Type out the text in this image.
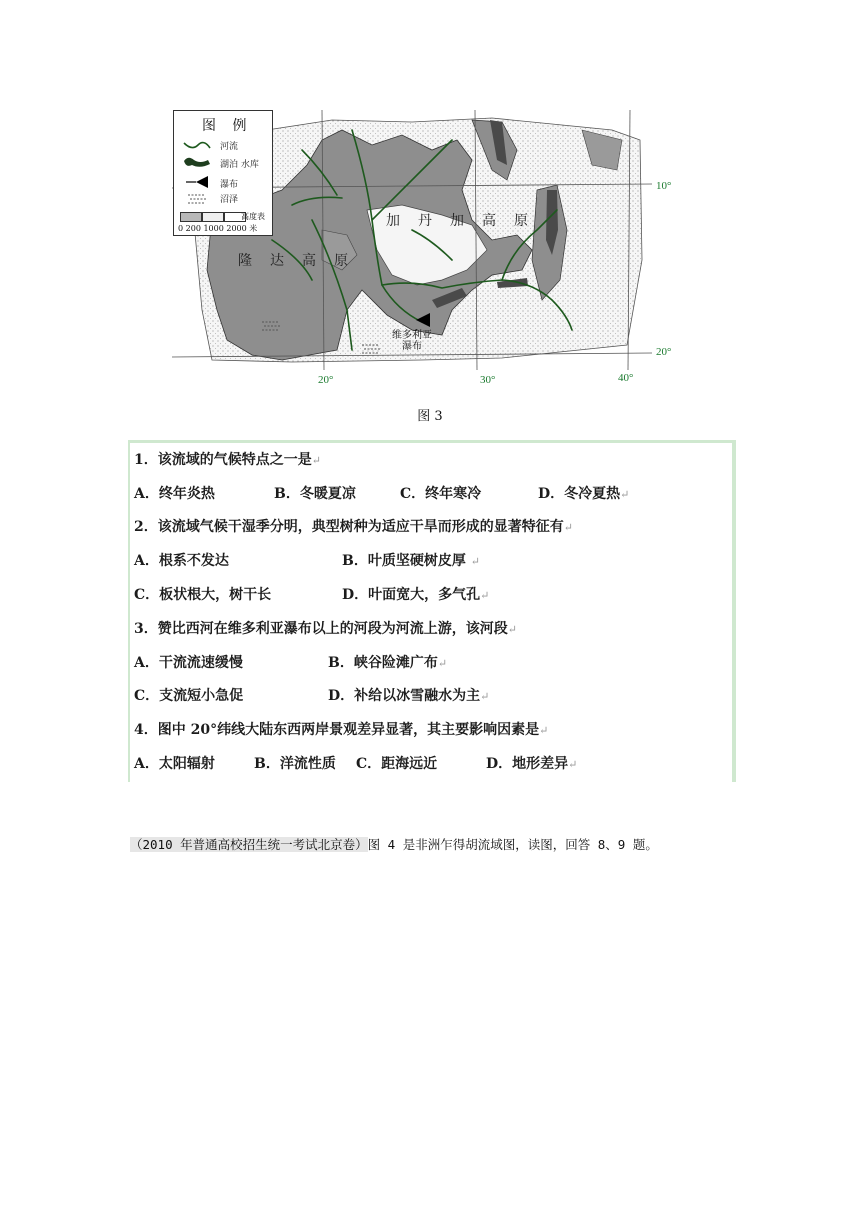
图 例
河流
湖泊 水库
瀑布
沼泽
高度表
0 200 1000 2000 米	加丹加高原
隆达高原
维多利亚
瀑布
10°
20°
20°	30°	40°
图 3
1．该流域的气候特点之一是↵
A．终年炎热	B．冬暖夏凉	C．终年寒冷	D．冬冷夏热↵
2．该流域气候干湿季分明，典型树种为适应干旱而形成的显著特征有↵
A．根系不发达	B．叶质坚硬树皮厚 ↵
C．板状根大，树干长	D．叶面宽大，多气孔↵
3．赞比西河在维多利亚瀑布以上的河段为河流上游，该河段↵
A．干流流速缓慢	B．峡谷险滩广布↵
C．支流短小急促	D．补给以冰雪融水为主↵
4．图中 20°纬线大陆东西两岸景观差异显著，其主要影响因素是↵
A．太阳辐射	B．洋流性质 C．距海远近	D．地形差异↵
（2010 年普通高校招生统一考试北京卷）图 4 是非洲乍得胡流域图，读图，回答 8、9 题。
